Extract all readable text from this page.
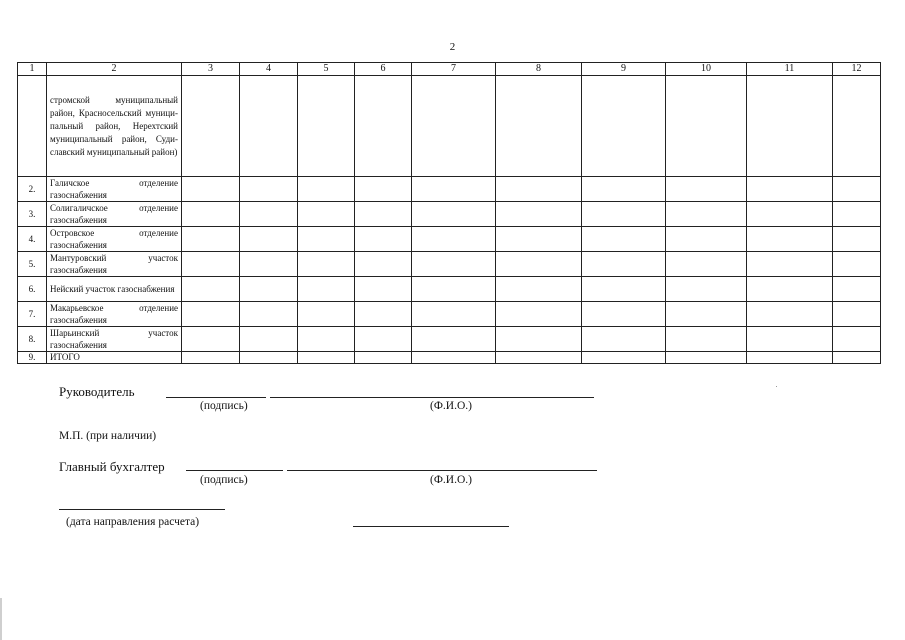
2
1	2	3	4	5	6	7	8	9	10	11	12
	стромской муниципальный район, Красносельский муниципальный район, Нерехтский муниципальный район, Судиславский муниципальный район)										
2.	Галичское отделение газоснабжения										
3.	Солигаличское отделение газоснабжения										
4.	Островское отделение газоснабжения										
5.	Мантуровский участок газоснабжения										
6.	Нейский участок газоснабжения										
7.	Макарьевское отделение газоснабжения										
8.	Шарьинский участок газоснабжения										
9.	ИТОГО										
Руководитель
(подпись)	(Ф.И.О.)
М.П. (при наличии)
Главный бухгалтер
(подпись)	(Ф.И.О.)
(дата направления расчета)
